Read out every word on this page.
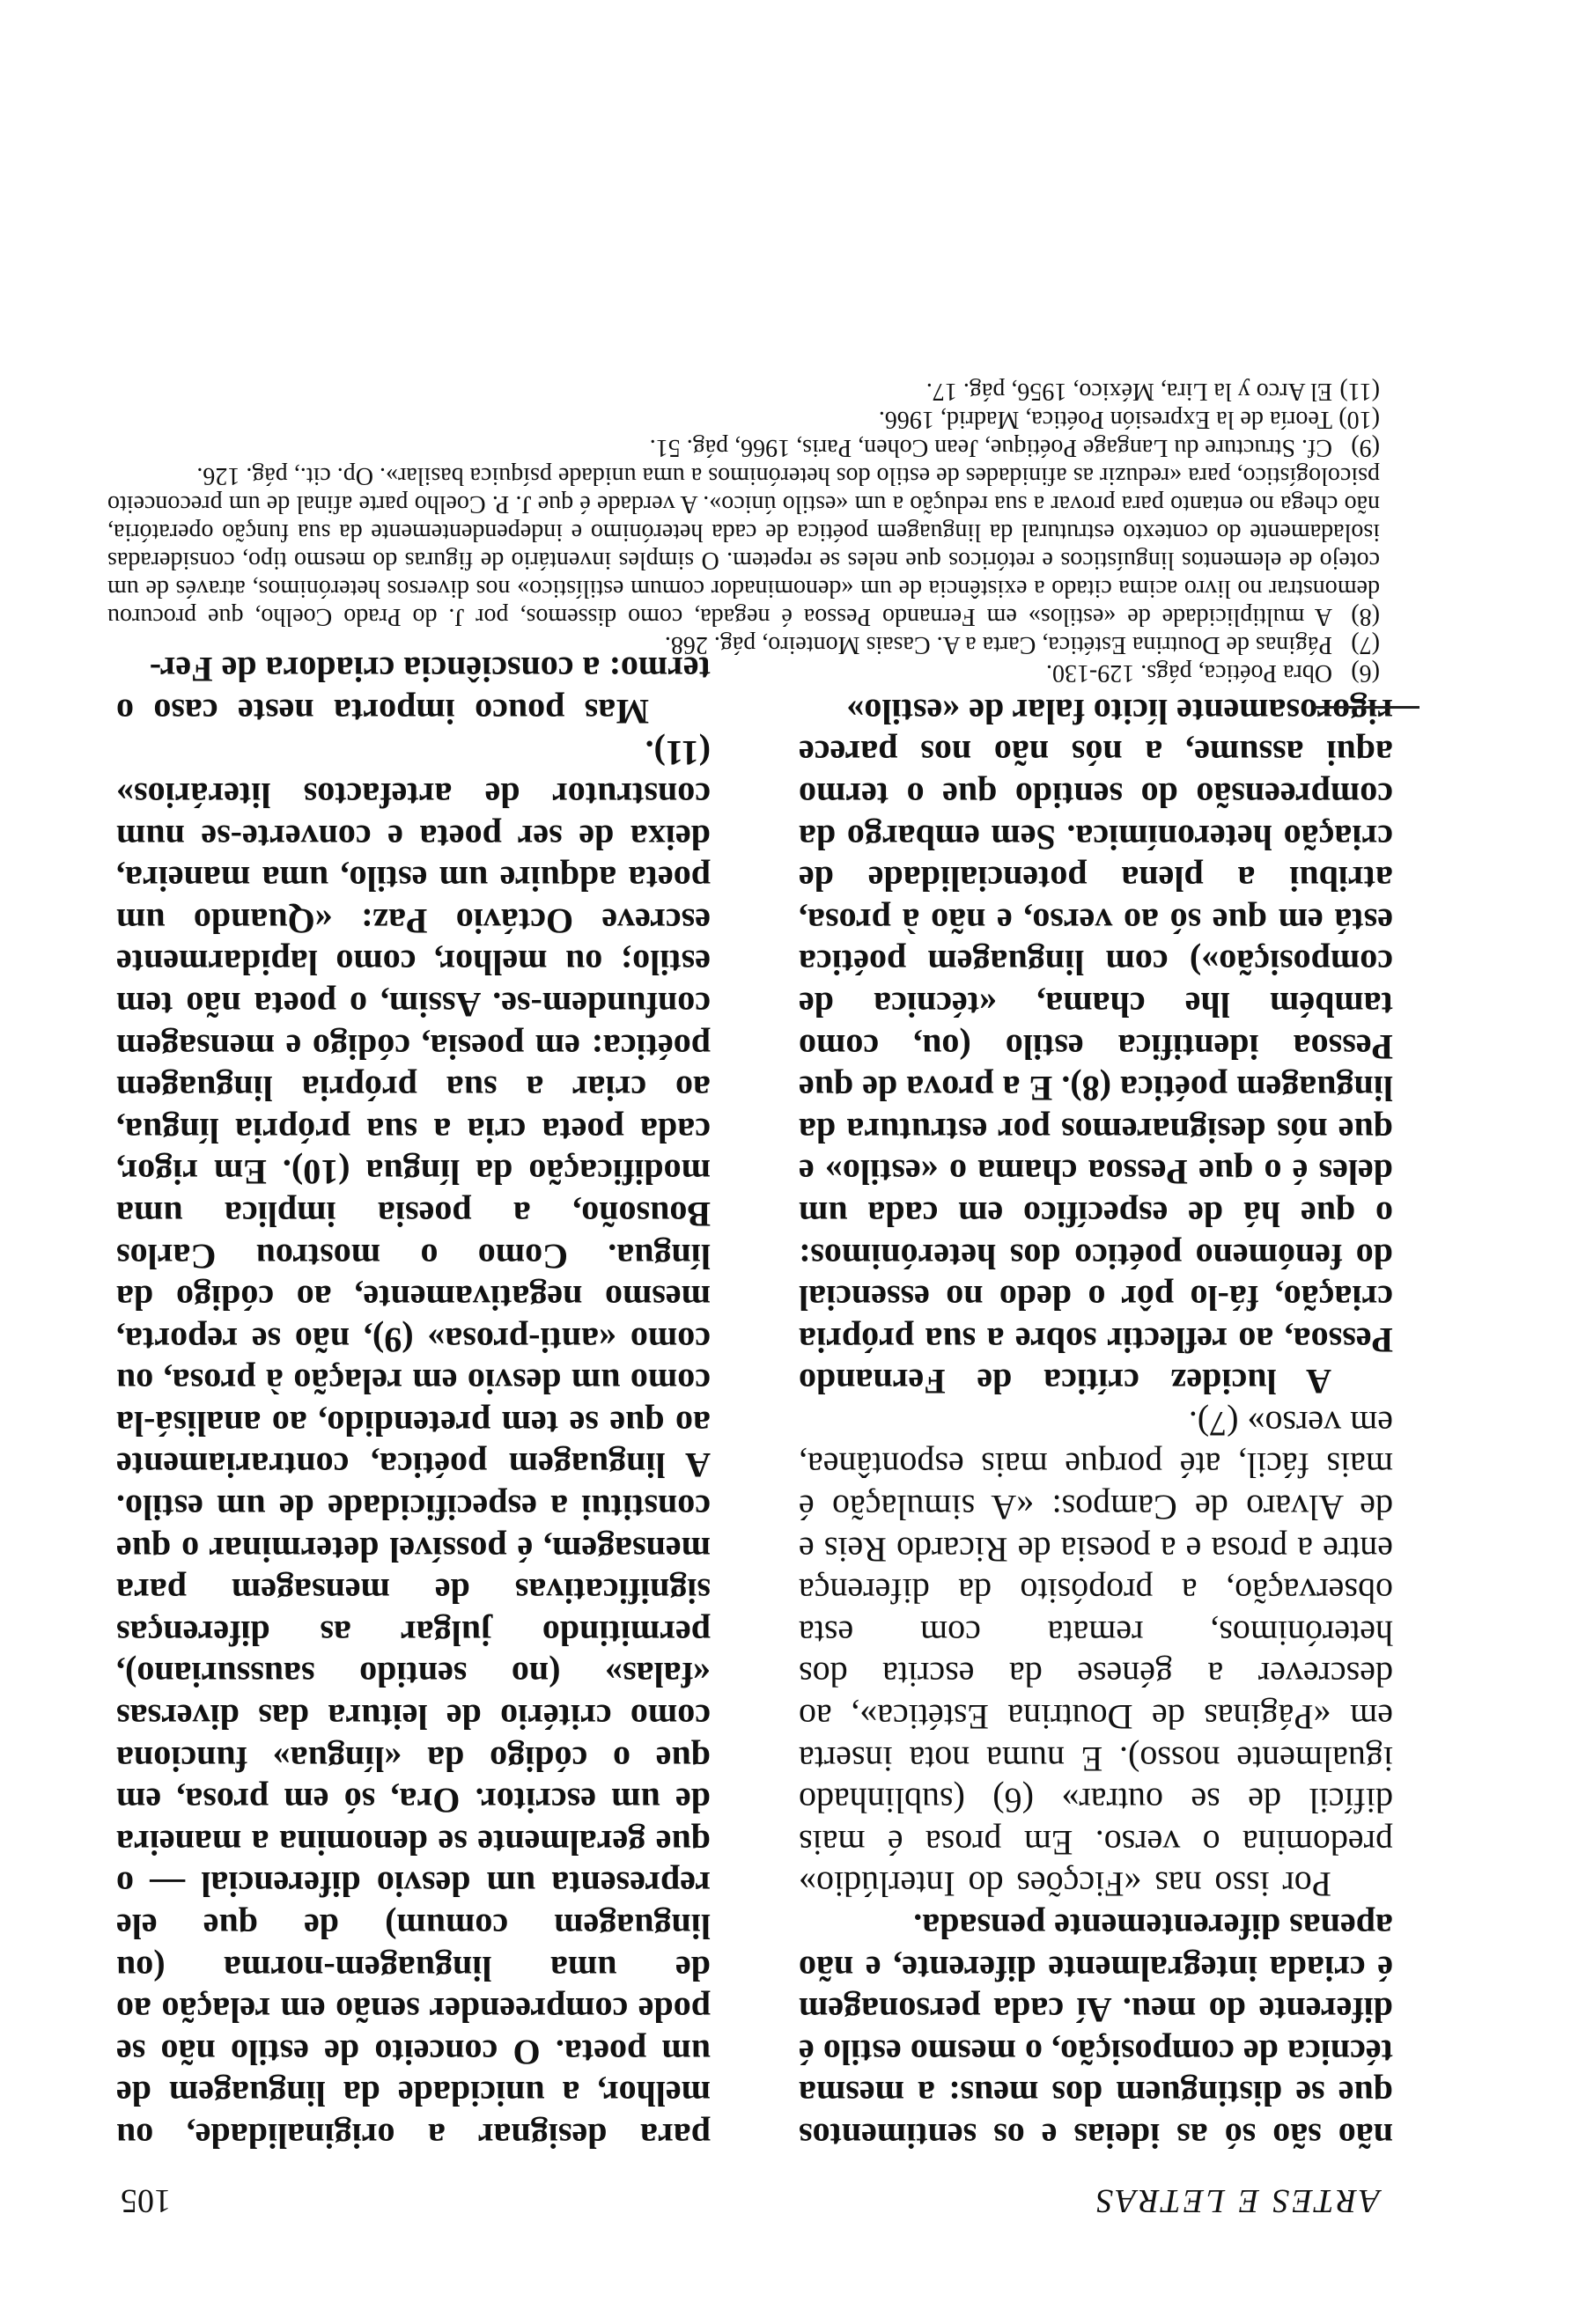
ARTES E LETRAS
105

não são só as ideias e os sentimentos que se distinguem dos meus: a mesma técnica de composição, o mesmo estilo é diferente do meu. Aí cada personagem é criada integralmente diferente, e não apenas diferentemente pensada.

Por isso nas «Ficções do Interlúdio» predomina o verso. Em prosa é mais difícil de se outrar» (6) (sublinhado igualmente nosso). E numa nota inserta em «Páginas de Doutrina Estética», ao descrever a génese da escrita dos heterónimos, remata com esta observação, a propósito da diferença entre a prosa e a poesia de Ricardo Reis e de Alvaro de Campos: «A simulação é mais fácil, até porque mais espontânea, em verso» (7).

A lucidez crítica de Fernando Pessoa, ao reflectir sobre a sua própria criação, fá-lo pôr o dedo no essencial do fenómeno poético dos heterónimos: o que há de específico em cada um deles é o que Pessoa chama o «estilo» e que nós designaremos por estrutura da linguagem poética (8). E a prova de que Pessoa identifica estilo (ou, como também lhe chama, «técnica de composição») com linguagem poética está em que só ao verso, e não à prosa, atribui a plena potencialidade de criação heteronímica. Sem embargo da compreensão do sentido que o termo aqui assume, a nós não nos parece rigorosamente lícito falar de «estilo»

para designar a originalidade, ou melhor, a unicidade da linguagem de um poeta. O conceito de estilo não se pode compreender senão em relação ao de uma linguagem-norma (ou linguagem comum) de que ele representa um desvio diferencial — o que geralmente se denomina a maneira de um escritor. Ora, só em prosa, em que o código da «língua» funciona como critério de leitura das diversas «falas» (no sentido saussuriano), permitindo julgar as diferenças significativas de mensagem para mensagem, é possível determinar o que constitui a especificidade de um estilo. A linguagem poética, contrariamente ao que se tem pretendido, ao analisá-la como um desvio em relação à prosa, ou como «anti-prosa» (9), não se reporta, mesmo negativamente, ao código da língua. Como o mostrou Carlos Bousoño, a poesia implica uma modificação da língua (10). Em rigor, cada poeta cria a sua própria língua, ao criar a sua própria linguagem poética: em poesia, código e mensagem confundem-se. Assim, o poeta não tem estilo; ou melhor, como lapidarmente escreve Octávio Paz: «Quando um poeta adquire um estilo, uma maneira, deixa de ser poeta e converte-se num construtor de artefactos literários» (11).

Mas pouco importa neste caso o termo: a consciência criadora de Fer-	(6)Obra Poética, págs. 129-130.

(7)Páginas de Doutrina Estética, Carta a A. Casais Monteiro, pág. 268.

(8)A multiplicidade de «estilos» em Fernando Pessoa é negada, como dissemos, por J. do Prado Coelho, que procurou demonstrar no livro acima citado a existência de um «denominador comum estilístico» nos diversos heterónimos, através de um cotejo de elementos linguísticos e retóricos que neles se repetem. O simples inventário de figuras do mesmo tipo, consideradas isoladamente do contexto estrutural da linguagem poética de cada heterónimo e independentemente da sua função operatória, não chega no entanto para provar a sua redução a um «estilo único». A verdade é que J. P. Coelho parte afinal de um preconceito psicologístico, para «reduzir as afinidades de estilo dos heterónimos a uma unidade psíquica basilar». Op. cit., pág. 126.

(9)Cf. Structure du Langage Poétique, Jean Cohen, Paris, 1966, pág. 51.

(10)Teoría de la Expresión Poética, Madrid, 1966.

(11)El Arco y la Lira, México, 1956, pág. 17.
